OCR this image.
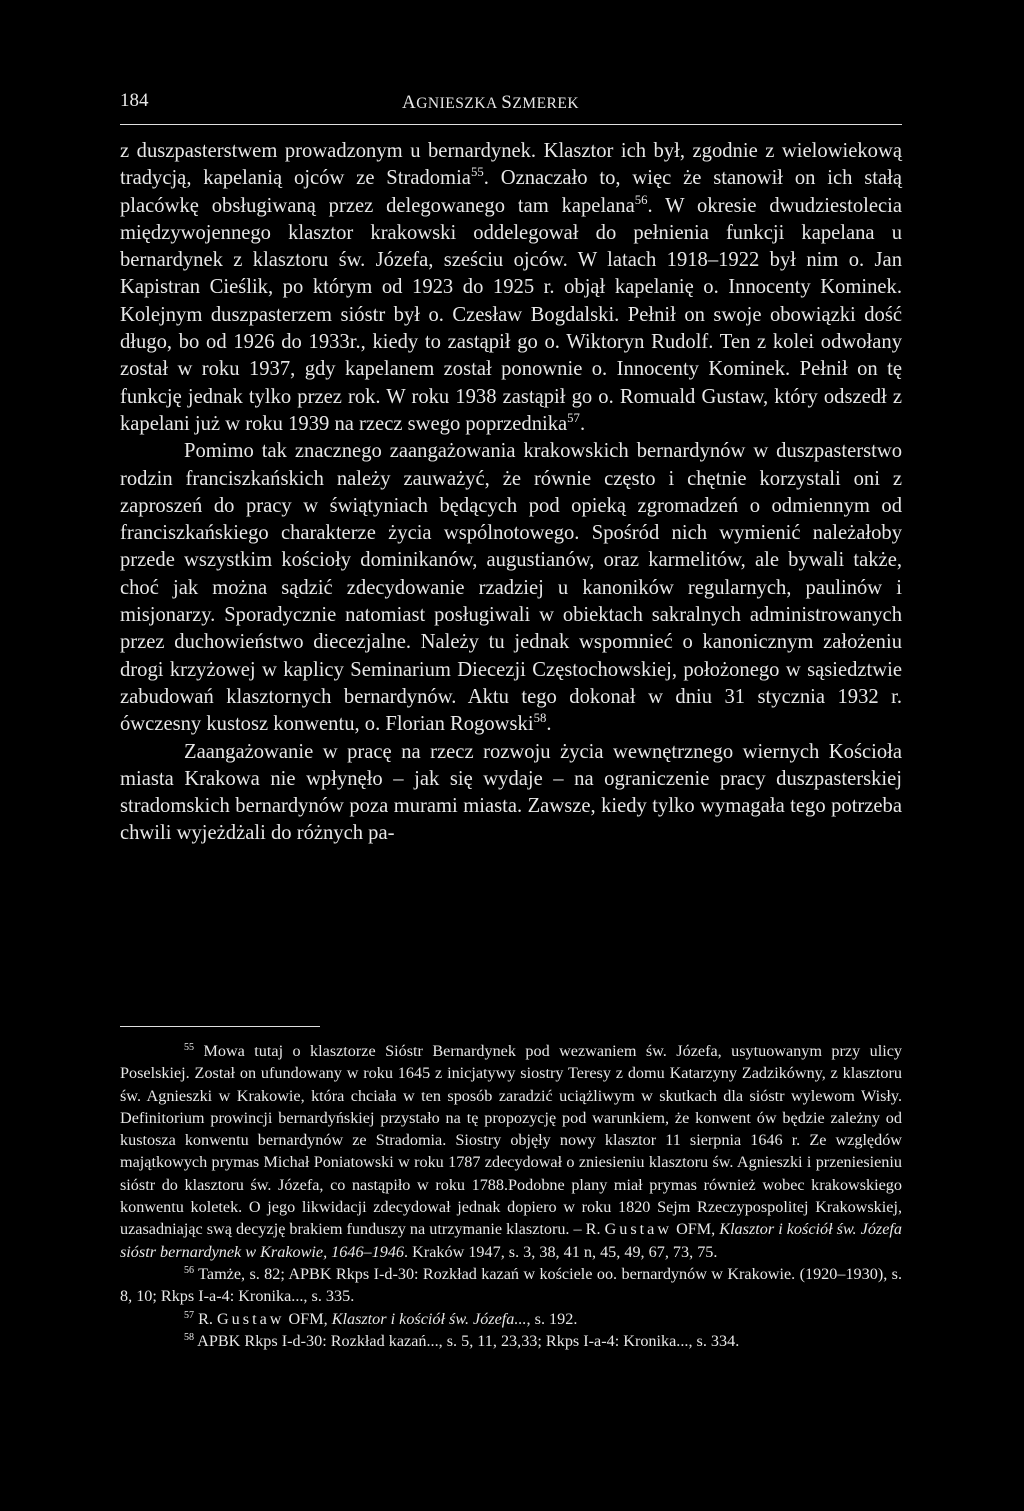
184	AGNIESZKA SZMEREK

z duszpasterstwem prowadzonym u bernardynek. Klasztor ich był, zgodnie z wielowiekową tradycją, kapelanią ojców ze Stradomia$^{55}$. Oznaczało to, więc że stanowił on ich stałą placówkę obsługiwaną przez delegowanego tam kapelana$^{56}$. W okresie dwudziestolecia międzywojennego klasztor krakowski oddelegował do pełnienia funkcji kapelana u bernardynek z klasztoru św. Józefa, sześciu ojców. W latach 1918–1922 był nim o. Jan Kapistran Cieślik, po którym od 1923 do 1925 r. objął kapelanię o. Innocenty Kominek. Kolejnym duszpasterzem sióstr był o. Czesław Bogdalski. Pełnił on swoje obowiązki dość długo, bo od 1926 do 1933r., kiedy to zastąpił go o. Wiktoryn Rudolf. Ten z kolei odwołany został w roku 1937, gdy kapelanem został ponownie o. Innocenty Kominek. Pełnił on tę funkcję jednak tylko przez rok. W roku 1938 zastąpił go o. Romuald Gustaw, który odszedł z kapelani już w roku 1939 na rzecz swego poprzednika$^{57}$.

Pomimo tak znacznego zaangażowania krakowskich bernardynów w duszpasterstwo rodzin franciszkańskich należy zauważyć, że równie często i chętnie korzystali oni z zaproszeń do pracy w świątyniach będących pod opieką zgromadzeń o odmiennym od franciszkańskiego charakterze życia wspólnotowego. Spośród nich wymienić należałoby przede wszystkim kościoły dominikanów, augustianów, oraz karmelitów, ale bywali także, choć jak można sądzić zdecydowanie rzadziej u kanoników regularnych, paulinów i misjonarzy. Sporadycznie natomiast posługiwali w obiektach sakralnych administrowanych przez duchowieństwo diecezjalne. Należy tu jednak wspomnieć o kanonicznym założeniu drogi krzyżowej w kaplicy Seminarium Diecezji Częstochowskiej, położonego w sąsiedztwie zabudowań klasztornych bernardynów. Aktu tego dokonał w dniu 31 stycznia 1932 r. ówczesny kustosz konwentu, o. Florian Rogowski$^{58}$.

Zaangażowanie w pracę na rzecz rozwoju życia wewnętrznego wiernych Kościoła miasta Krakowa nie wpłynęło – jak się wydaje – na ograniczenie pracy duszpasterskiej stradomskich bernardynów poza murami miasta. Zawsze, kiedy tylko wymagała tego potrzeba chwili wyjeżdżali do różnych pa-

$^{55}$ Mowa tutaj o klasztorze Sióstr Bernardynek pod wezwaniem św. Józefa, usytuowanym przy ulicy Poselskiej. Został on ufundowany w roku 1645 z inicjatywy siostry Teresy z domu Katarzyny Zadzikówny, z klasztoru św. Agnieszki w Krakowie, która chciała w ten sposób zaradzić uciążliwym w skutkach dla sióstr wylewom Wisły. Definitorium prowincji bernardyńskiej przystało na tę propozycję pod warunkiem, że konwent ów będzie zależny od kustosza konwentu bernardynów ze Stradomia. Siostry objęły nowy klasztor 11 sierpnia 1646 r. Ze względów majątkowych prymas Michał Poniatowski w roku 1787 zdecydował o zniesieniu klasztoru św. Agnieszki i przeniesieniu sióstr do klasztoru św. Józefa, co nastąpiło w roku 1788.Podobne plany miał prymas również wobec krakowskiego konwentu koletek. O jego likwidacji zdecydował jednak dopiero w roku 1820 Sejm Rzeczypospolitej Krakowskiej, uzasadniając swą decyzję brakiem funduszy na utrzymanie klasztoru. – R. Gustaw OFM, Klasztor i kościół św. Józefa sióstr bernardynek w Krakowie, 1646–1946. Kraków 1947, s. 3, 38, 41 n, 45, 49, 67, 73, 75.

$^{56}$ Tamże, s. 82; APBK Rkps I-d-30: Rozkład kazań w kościele oo. bernardynów w Krakowie. (1920–1930), s. 8, 10; Rkps I-a-4: Kronika..., s. 335.

$^{57}$ R. Gustaw OFM, Klasztor i kościół św. Józefa..., s. 192.

$^{58}$ APBK Rkps I-d-30: Rozkład kazań..., s. 5, 11, 23,33; Rkps I-a-4: Kronika..., s. 334.
